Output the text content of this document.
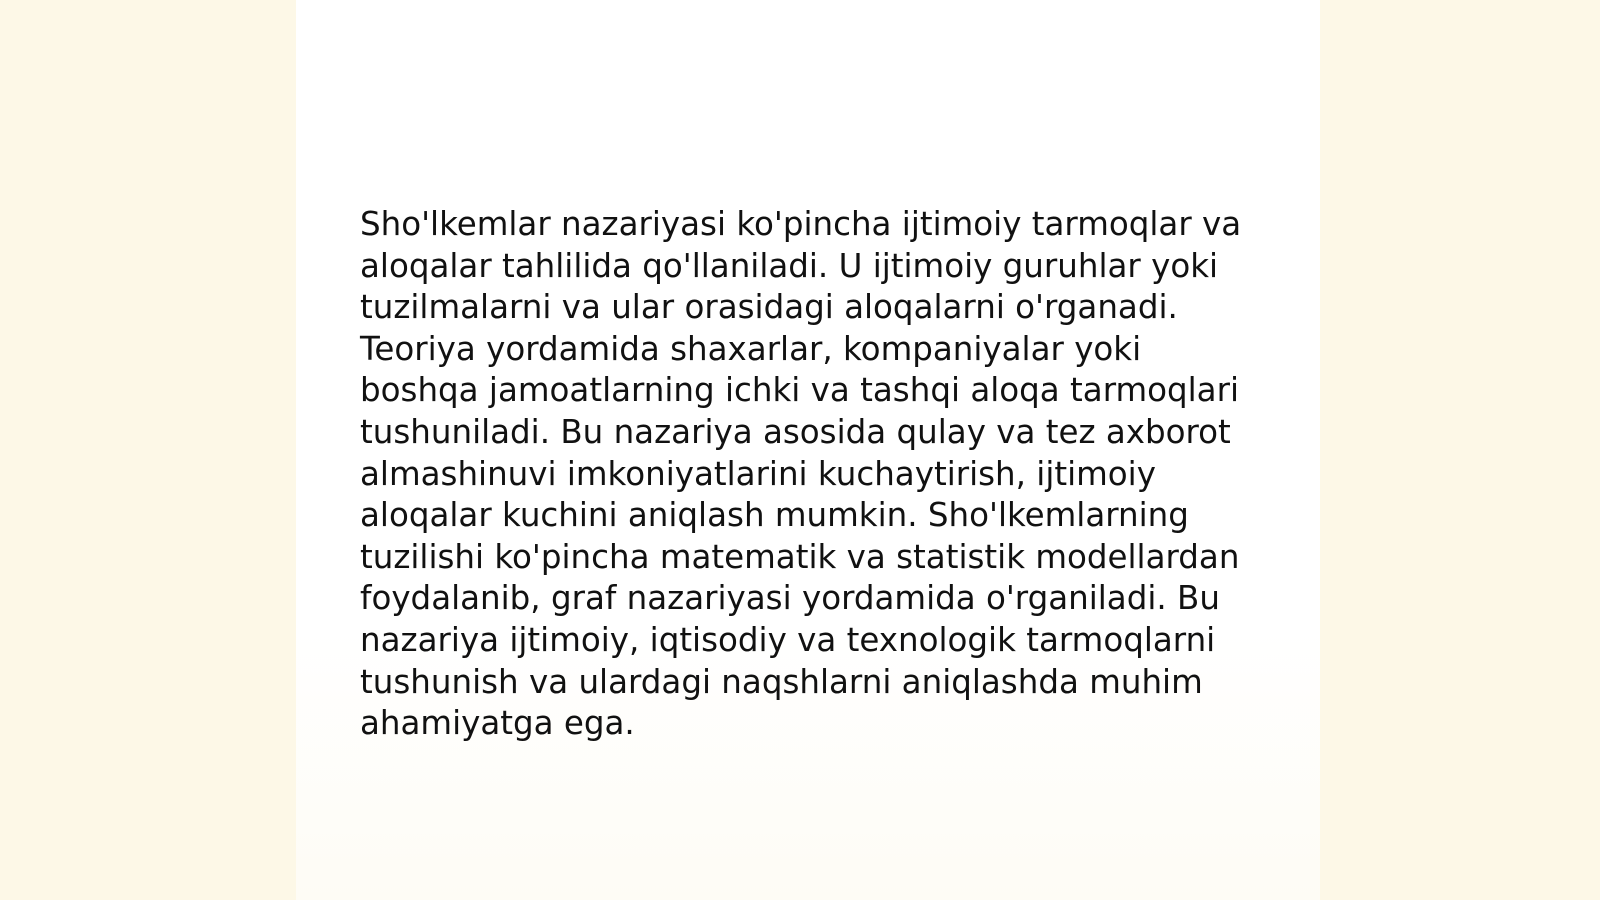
Sho'lkemlar nazariyasi ko'pincha ijtimoiy tarmoqlar va
aloqalar tahlilida qo'llaniladi. U ijtimoiy guruhlar yoki
tuzilmalarni va ular orasidagi aloqalarni o'rganadi.
Teoriya yordamida shaxarlar, kompaniyalar yoki
boshqa jamoatlarning ichki va tashqi aloqa tarmoqlari
tushuniladi. Bu nazariya asosida qulay va tez axborot
almashinuvi imkoniyatlarini kuchaytirish, ijtimoiy
aloqalar kuchini aniqlash mumkin. Sho'lkemlarning
tuzilishi ko'pincha matematik va statistik modellardan
foydalanib, graf nazariyasi yordamida o'rganiladi. Bu
nazariya ijtimoiy, iqtisodiy va texnologik tarmoqlarni
tushunish va ulardagi naqshlarni aniqlashda muhim
ahamiyatga ega.
